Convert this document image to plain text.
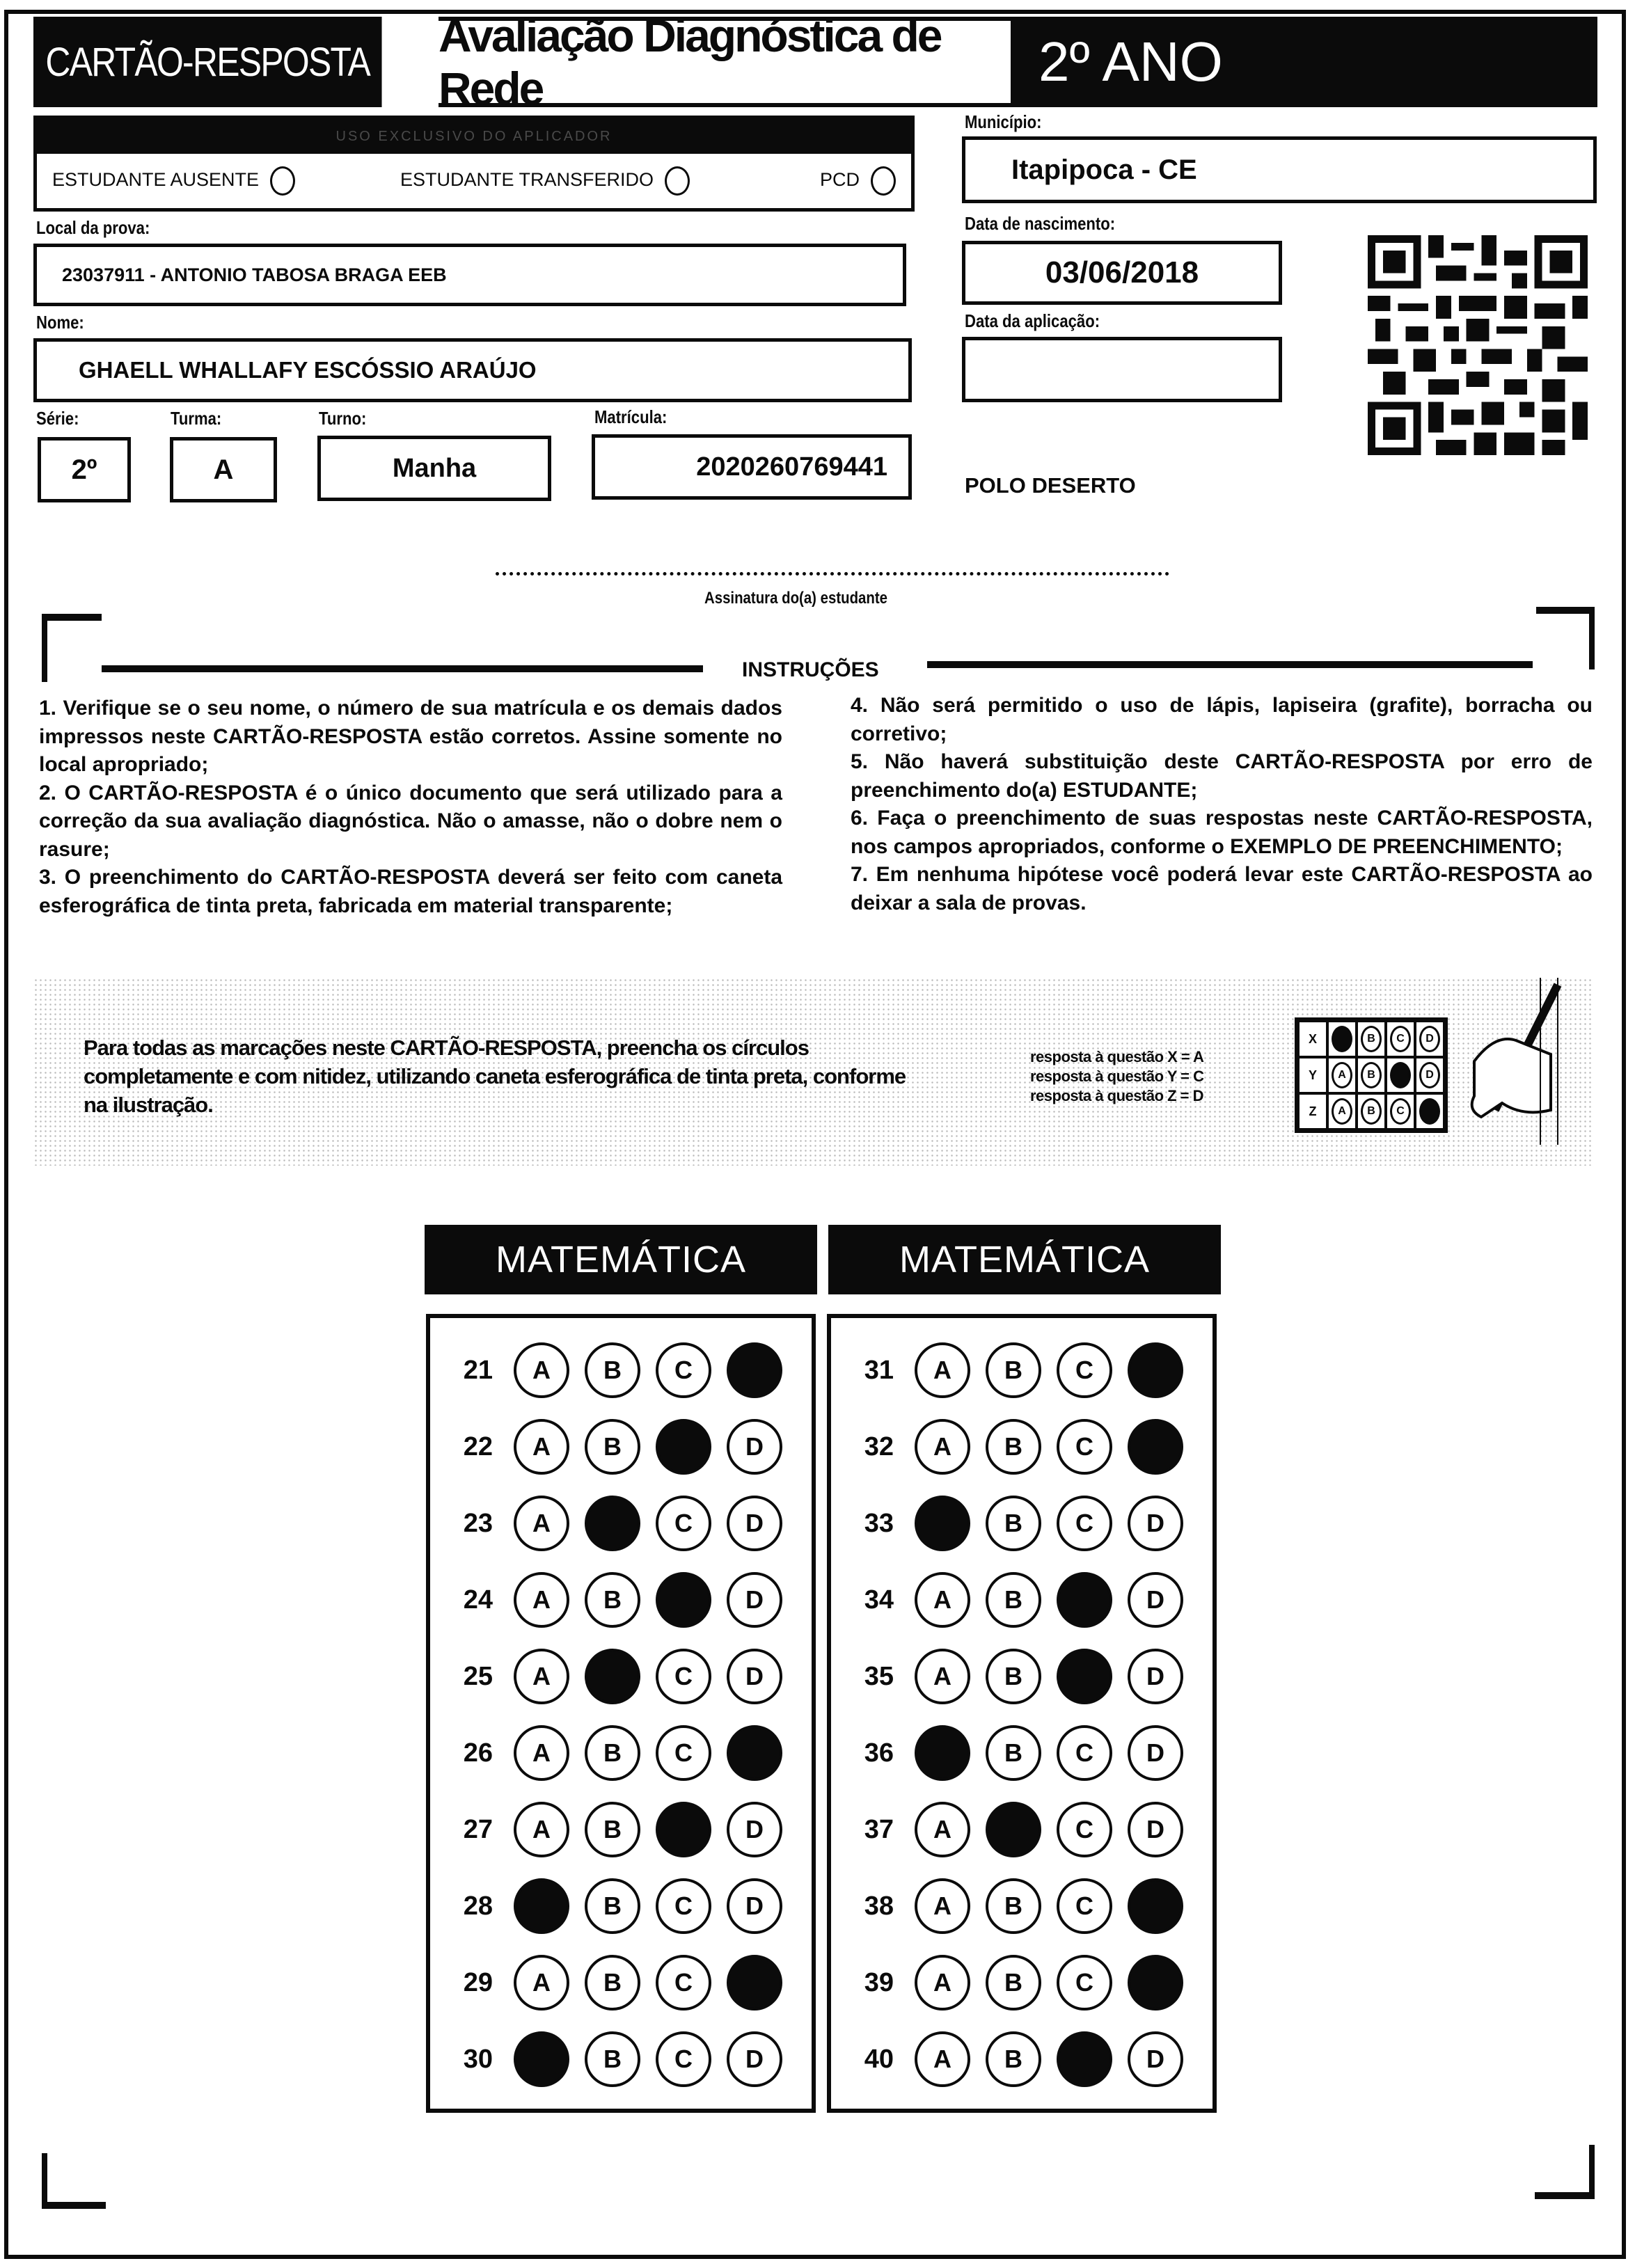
CARTÃO-RESPOSTA
Avaliação Diagnóstica de Rede	2º ANO
USO EXCLUSIVO DO APLICADOR
ESTUDANTE AUSENTE	ESTUDANTE TRANSFERIDO	PCD
Local da prova:
23037911 - ANTONIO TABOSA BRAGA EEB
Nome:
GHAELL WHALLAFY ESCÓSSIO ARAÚJO
Série:
2º
Turma:
A
Turno:
Manha
Matrícula:
2020260769441
Município:
Itapipoca - CE
Data de nascimento:
03/06/2018
Data da aplicação:
POLO DESERTO
Assinatura do(a) estudante
INSTRUÇÕES
1. Verifique se o seu nome, o número de sua matrícula e os demais dados impressos neste CARTÃO-RESPOSTA estão corretos. Assine somente no local apropriado;
2. O CARTÃO-RESPOSTA é o único documento que será utilizado para a correção da sua avaliação diagnóstica. Não o amasse, não o dobre nem o rasure;
3. O preenchimento do CARTÃO-RESPOSTA deverá ser feito com caneta esferográfica de tinta preta, fabricada em material transparente;
4. Não será permitido o uso de lápis, lapiseira (grafite), borracha ou corretivo;
5. Não haverá substituição deste CARTÃO-RESPOSTA por erro de preenchimento do(a) ESTUDANTE;
6. Faça o preenchimento de suas respostas neste CARTÃO-RESPOSTA, nos campos apropriados, conforme o EXEMPLO DE PREENCHIMENTO;
7. Em nenhuma hipótese você poderá levar este CARTÃO-RESPOSTA ao deixar a sala de provas.
Para todas as marcações neste CARTÃO-RESPOSTA, preencha os círculos completamente e com nitidez, utilizando caneta esferográfica de tinta preta, conforme na ilustração.
resposta à questão X = A
resposta à questão Y = C
resposta à questão Z = D
X	B	C	D
Y	A	B	D
Z	A	B	C
MATEMÁTICA	MATEMÁTICA
21	A	B	C
22	A	B	D
23	A	C	D
24	A	B	D
25	A	C	D
26	A	B	C
27	A	B	D
28	B	C	D
29	A	B	C
30	B	C	D
31	A	B	C
32	A	B	C
33	B	C	D
34	A	B	D
35	A	B	D
36	B	C	D
37	A	C	D
38	A	B	C
39	A	B	C
40	A	B	D
